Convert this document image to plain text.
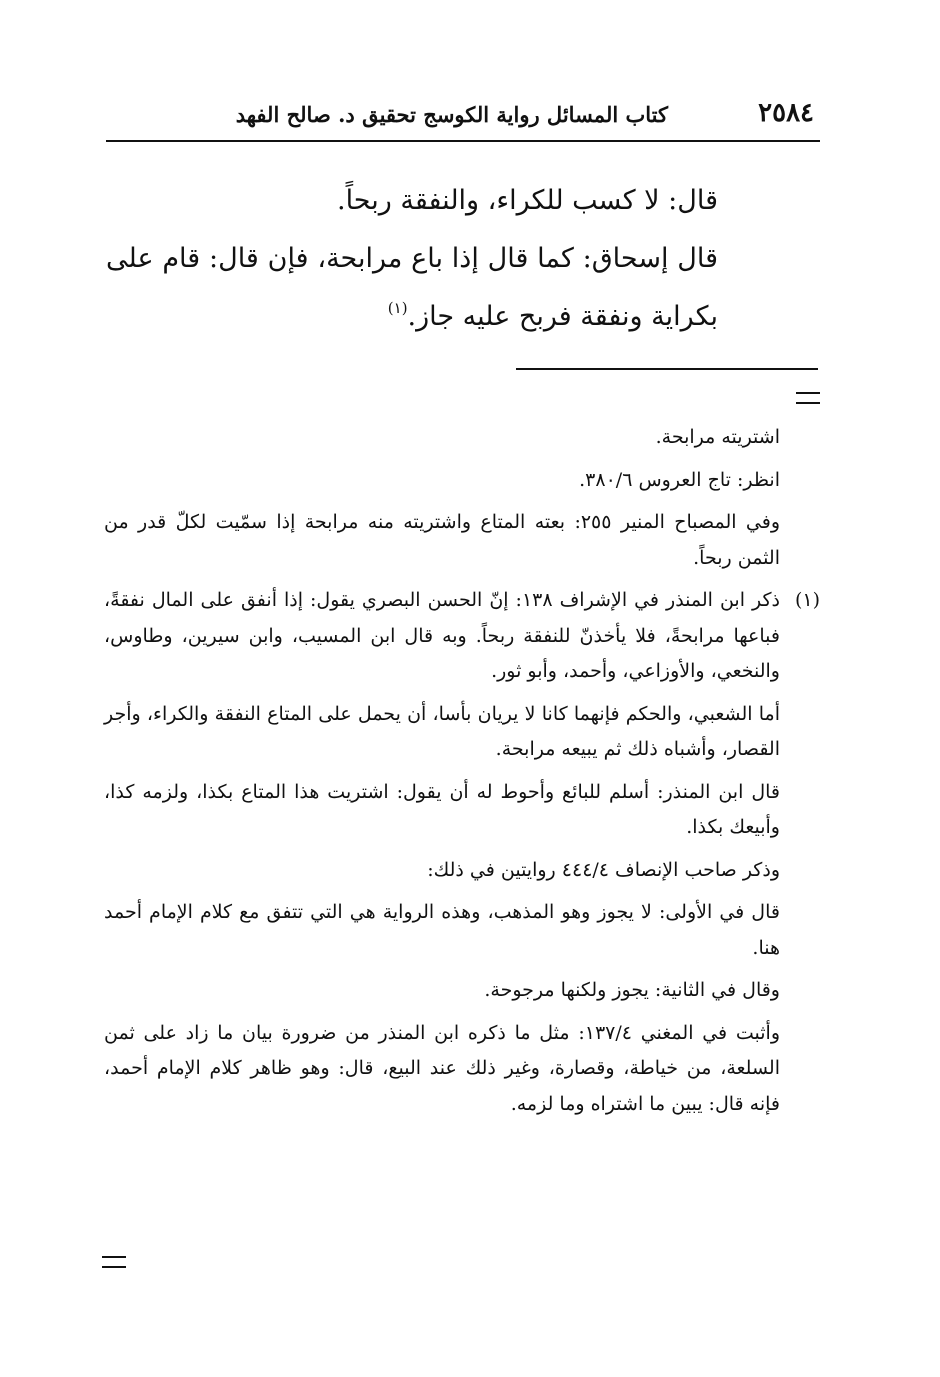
٢٥٨٤
كتاب المسائل رواية الكوسج تحقيق د. صالح الفهد

قال: لا كسب للكراء، والنفقة ربحاً.

قال إسحاق: كما قال إذا باع مرابحة، فإن قال: قام على بكراية ونفقة فربح عليه جاز.$^{(١)}$

اشتريته مرابحة.

انظر: تاج العروس ٣٨٠/٦.

وفي المصباح المنير ٢٥٥: بعته المتاع واشتريته منه مرابحة إذا سمّيت لكلّ قدر من الثمن ربحاً.

(١)
ذكر ابن المنذر في الإشراف ١٣٨: إنّ الحسن البصري يقول: إذا أنفق على المال نفقةً، فباعها مرابحةً، فلا يأخذنّ للنفقة ربحاً. وبه قال ابن المسيب، وابن سيرين، وطاوس، والنخعي، والأوزاعي، وأحمد، وأبو ثور.

أما الشعبي، والحكم فإنهما كانا لا يريان بأسا، أن يحمل على المتاع النفقة والكراء، وأجر القصار، وأشباه ذلك ثم يبيعه مرابحة.

قال ابن المنذر: أسلم للبائع وأحوط له أن يقول: اشتريت هذا المتاع بكذا، ولزمه كذا، وأبيعك بكذا.

وذكر صاحب الإنصاف ٤٤٤/٤ روايتين في ذلك:

قال في الأولى: لا يجوز وهو المذهب، وهذه الرواية هي التي تتفق مع كلام الإمام أحمد هنا.

وقال في الثانية: يجوز ولكنها مرجوحة.

وأثبت في المغني ١٣٧/٤: مثل ما ذكره ابن المنذر من ضرورة بيان ما زاد على ثمن السلعة، من خياطة، وقصارة، وغير ذلك عند البيع، قال: وهو ظاهر كلام الإمام أحمد، فإنه قال: يبين ما اشتراه وما لزمه.
